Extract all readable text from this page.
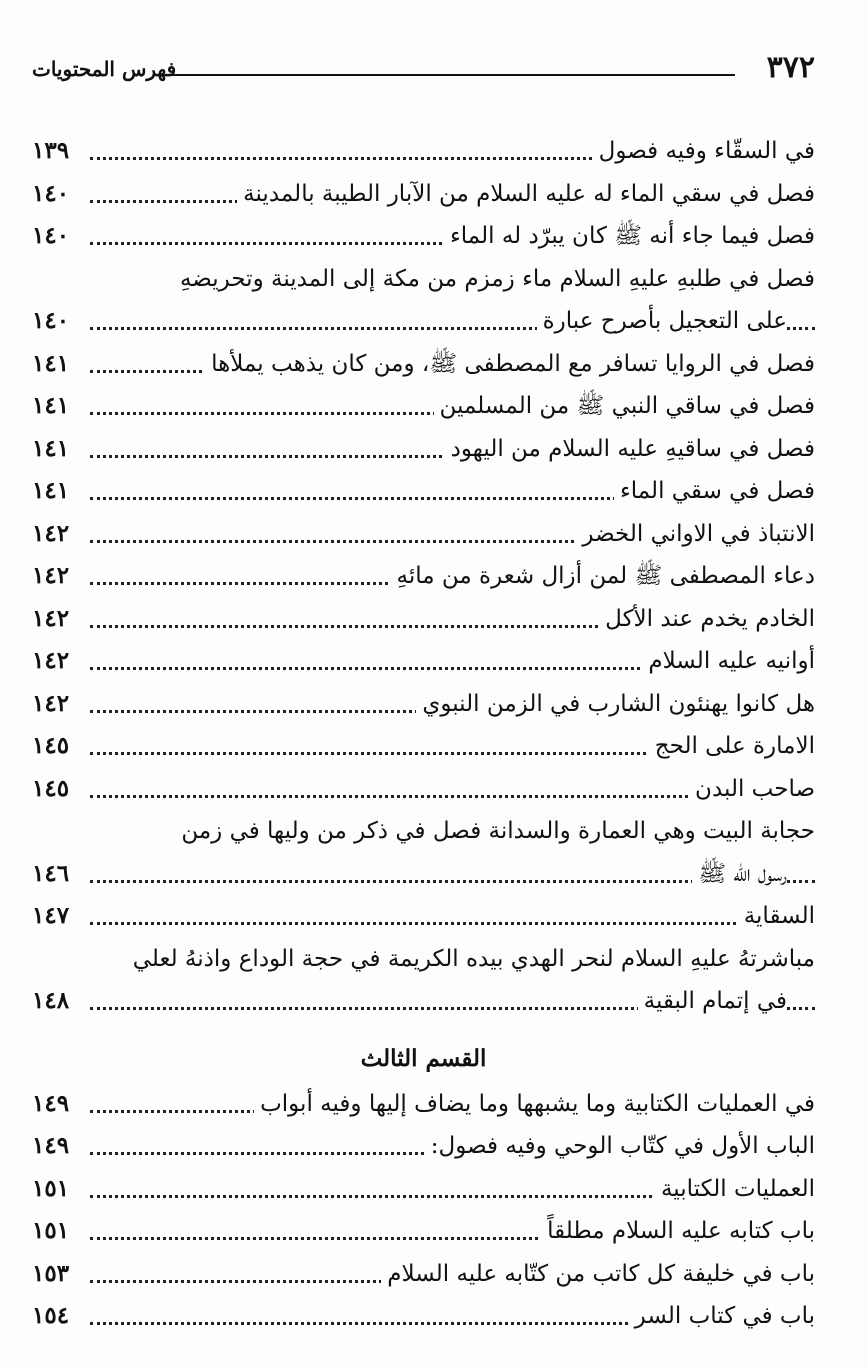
٣٧٢
فهرس المحتويات
في السقّاء وفيه فصول
١٣٩
فصل في سقي الماء له عليه السلام من الآبار الطيبة بالمدينة
١٤٠
فصل فيما جاء أنه ﷺ كان يبرّد له الماء
١٤٠
فصل في طلبهِ عليهِ السلام ماء زمزم من مكة إلى المدينة وتحريضهِ
على التعجيل بأصرح عبارة
١٤٠
فصل في الروايا تسافر مع المصطفى ﷺ، ومن كان يذهب يملأها
١٤١
فصل في ساقي النبي ﷺ من المسلمين
١٤١
فصل في ساقيهِ عليه السلام من اليهود
١٤١
فصل في سقي الماء
١٤١
الانتباذ في الاواني الخضر
١٤٢
دعاء المصطفى ﷺ لمن أزال شعرة من مائهِ
١٤٢
الخادم يخدم عند الأكل
١٤٢
أوانيه عليه السلام
١٤٢
هل كانوا يهنئون الشارب في الزمن النبوي
١٤٢
الامارة على الحج
١٤٥
صاحب البدن
١٤٥
حجابة البيت وهي العمارة والسدانة فصل في ذكر من وليها في زمن
رسول الله ﷺ
١٤٦
السقاية
١٤٧
مباشرتهُ عليهِ السلام لنحر الهدي بيده الكريمة في حجة الوداع واذنهُ لعلي
في إتمام البقية
١٤٨
القسم الثالث
في العمليات الكتابية وما يشبهها وما يضاف إليها وفيه أبواب
١٤٩
الباب الأول في كتّاب الوحي وفيه فصول:
١٤٩
العمليات الكتابية
١٥١
باب كتابه عليه السلام مطلقاً
١٥١
باب في خليفة كل كاتب من كتّابه عليه السلام
١٥٣
باب في كتاب السر
١٥٤
